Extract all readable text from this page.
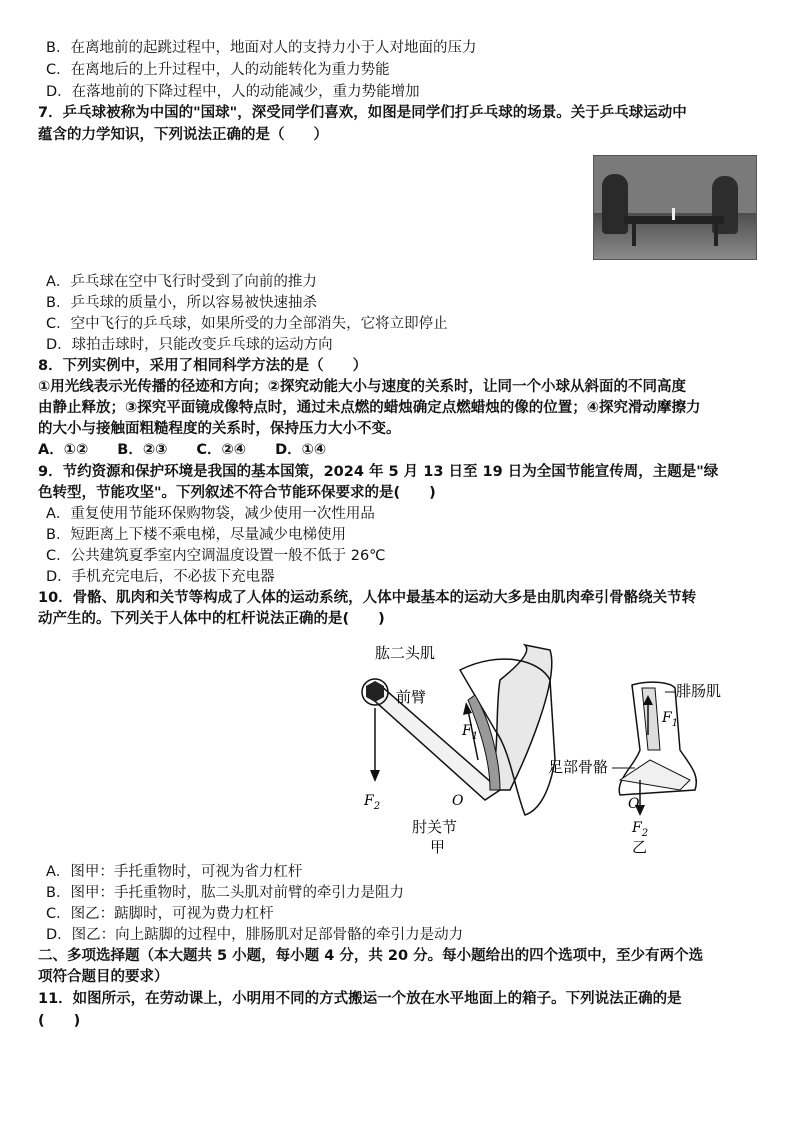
B．在离地前的起跳过程中，地面对人的支持力小于人对地面的压力
C．在离地后的上升过程中，人的动能转化为重力势能
D．在落地前的下降过程中，人的动能减少，重力势能增加
7．乒乓球被称为中国的"国球"，深受同学们喜欢，如图是同学们打乒乓球的场景。关于乒乓球运动中
蕴含的力学知识，下列说法正确的是（　　）
A．乒乓球在空中飞行时受到了向前的推力
B．乒乓球的质量小，所以容易被快速抽杀
C．空中飞行的乒乓球，如果所受的力全部消失，它将立即停止
D．球拍击球时，只能改变乒乓球的运动方向
8．下列实例中，采用了相同科学方法的是（　　）
①用光线表示光传播的径迹和方向；②探究动能大小与速度的关系时，让同一个小球从斜面的不同高度
由静止释放；③探究平面镜成像特点时，通过未点燃的蜡烛确定点燃蜡烛的像的位置；④探究滑动摩擦力
的大小与接触面粗糙程度的关系时，保持压力大小不变。
A．①②　　B．②③　　C．②④　　D．①④
9．节约资源和保护环境是我国的基本国策，2024 年 5 月 13 日至 19 日为全国节能宣传周，主题是"绿
色转型，节能攻坚"。下列叙述不符合节能环保要求的是(　　)
A．重复使用节能环保购物袋，减少使用一次性用品
B．短距离上下楼不乘电梯，尽量减少电梯使用
C．公共建筑夏季室内空调温度设置一般不低于 26℃
D．手机充完电后，不必拔下充电器
10．骨骼、肌肉和关节等构成了人体的运动系统，人体中最基本的运动大多是由肌肉牵引骨骼绕关节转
动产生的。下列关于人体中的杠杆说法正确的是(　　)
肱二头肌
前臂
$F_1$
$F_2$	O
肘关节
甲
腓肠肌
$F_1$
足部骨骼
O
$F_2$
乙
A．图甲：手托重物时，可视为省力杠杆
B．图甲：手托重物时，肱二头肌对前臂的牵引力是阻力
C．图乙：踮脚时，可视为费力杠杆
D．图乙：向上踮脚的过程中，腓肠肌对足部骨骼的牵引力是动力
二、多项选择题（本大题共 5 小题，每小题 4 分，共 20 分。每小题给出的四个选项中，至少有两个选
项符合题目的要求）
11．如图所示，在劳动课上，小明用不同的方式搬运一个放在水平地面上的箱子。下列说法正确的是
(　　)
